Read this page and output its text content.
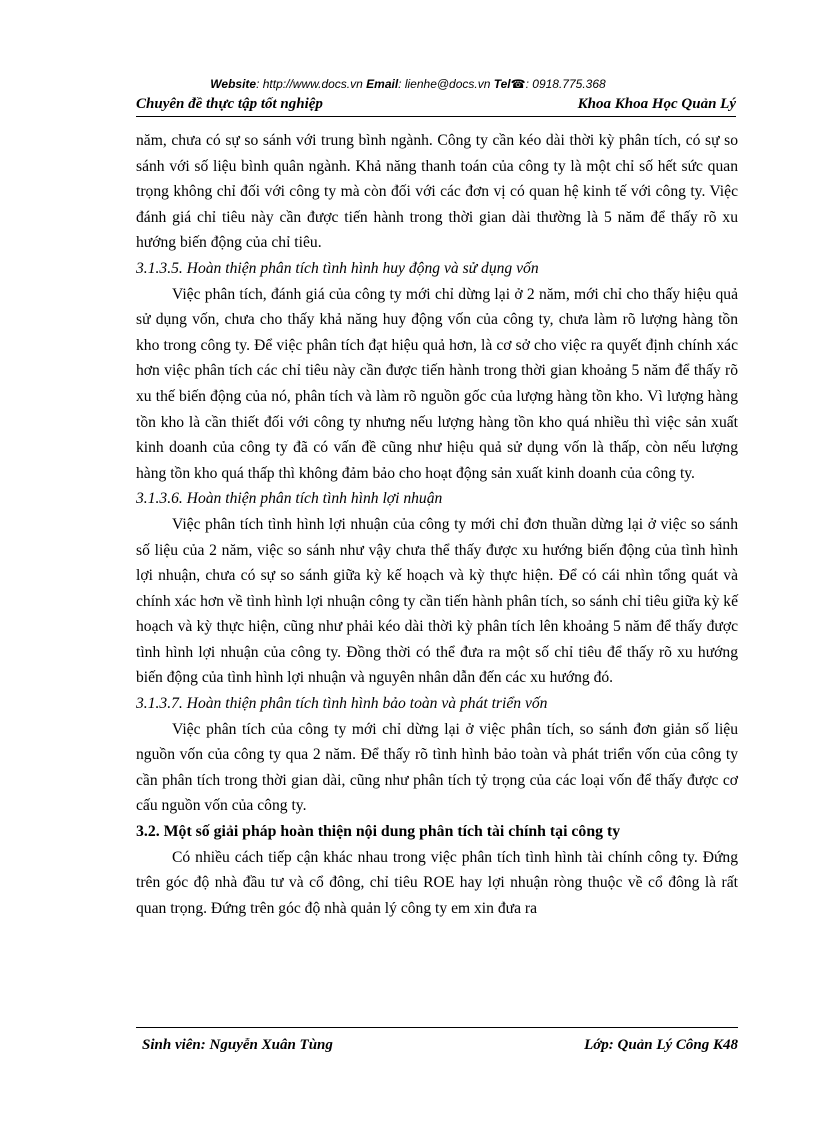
Website: http://www.docs.vn Email: lienhe@docs.vn Tel☎: 0918.775.368
Chuyên đề thực tập tốt nghiệp	Khoa Khoa Học Quản Lý

năm, chưa có sự so sánh với trung bình ngành. Công ty cần kéo dài thời kỳ phân tích, có sự so sánh với số liệu bình quân ngành. Khả năng thanh toán của công ty là một chỉ số hết sức quan trọng không chỉ đối với công ty mà còn đối với các đơn vị có quan hệ kinh tế với công ty. Việc đánh giá chỉ tiêu này cần được tiến hành trong thời gian dài thường là 5 năm để thấy rõ xu hướng biến động của chỉ tiêu.

3.1.3.5. Hoàn thiện phân tích tình hình huy động và sử dụng vốn

Việc phân tích, đánh giá của công ty mới chỉ dừng lại ở 2 năm, mới chỉ cho thấy hiệu quả sử dụng vốn, chưa cho thấy khả năng huy động vốn của công ty, chưa làm rõ lượng hàng tồn kho trong công ty. Để việc phân tích đạt hiệu quả hơn, là cơ sở cho việc ra quyết định chính xác hơn việc phân tích các chỉ tiêu này cần được tiến hành trong thời gian khoảng 5 năm để thấy rõ xu thế biến động của nó, phân tích và làm rõ nguồn gốc của lượng hàng tồn kho. Vì lượng hàng tồn kho là cần thiết đối với công ty nhưng nếu lượng hàng tồn kho quá nhiều thì việc sản xuất kinh doanh của công ty đã có vấn đề cũng như hiệu quả sử dụng vốn là thấp, còn nếu lượng hàng tồn kho quá thấp thì không đảm bảo cho hoạt động sản xuất kinh doanh của công ty.

3.1.3.6. Hoàn thiện phân tích tình hình lợi nhuận

Việc phân tích tình hình lợi nhuận của công ty mới chỉ đơn thuần dừng lại ở việc so sánh số liệu của 2 năm, việc so sánh như vậy chưa thể thấy được xu hướng biến động của tình hình lợi nhuận, chưa có sự so sánh giữa kỳ kế hoạch và kỳ thực hiện. Để có cái nhìn tổng quát và chính xác hơn về tình hình lợi nhuận công ty cần tiến hành phân tích, so sánh chỉ tiêu giữa kỳ kế hoạch và kỳ thực hiện, cũng như phải kéo dài thời kỳ phân tích lên khoảng 5 năm để thấy được tình hình lợi nhuận của công ty. Đồng thời có thể đưa ra một số chỉ tiêu để thấy rõ xu hướng biến động của tình hình lợi nhuận và nguyên nhân dẫn đến các xu hướng đó.

3.1.3.7. Hoàn thiện phân tích tình hình bảo toàn và phát triển vốn

Việc phân tích của công ty mới chỉ dừng lại ở việc phân tích, so sánh đơn giản số liệu nguồn vốn của công ty qua 2 năm. Để thấy rõ tình hình bảo toàn và phát triển vốn của công ty cần phân tích trong thời gian dài, cũng như phân tích tỷ trọng của các loại vốn để thấy được cơ cấu nguồn vốn của công ty.

3.2. Một số giải pháp hoàn thiện nội dung phân tích tài chính tại công ty

Có nhiều cách tiếp cận khác nhau trong việc phân tích tình hình tài chính công ty. Đứng trên góc độ nhà đầu tư và cổ đông, chỉ tiêu ROE hay lợi nhuận ròng thuộc về cổ đông là rất quan trọng. Đứng trên góc độ nhà quản lý công ty em xin đưa ra

Sinh viên: Nguyễn Xuân Tùng	Lớp: Quản Lý Công K48
